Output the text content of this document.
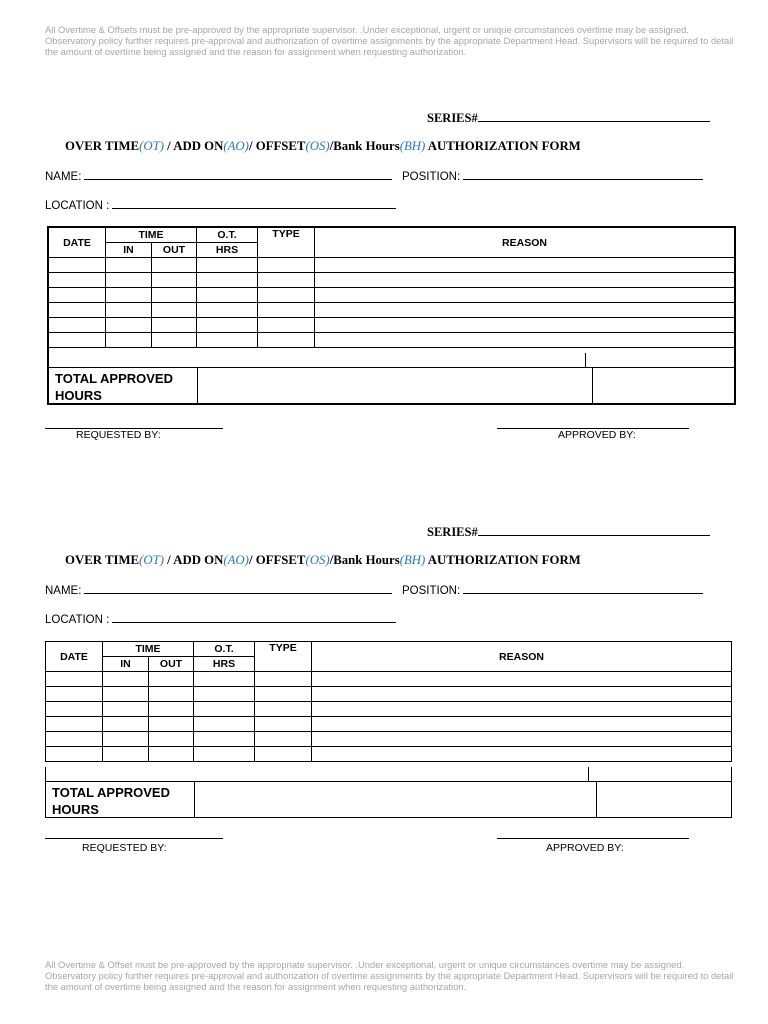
All Overtime & Offsets must be pre-approved by the appropriate supervisor. .Under exceptional, urgent or unique circumstances overtime may be assigned. Observatory policy further requires pre-approval and authorization of overtime assignments by the appropriate Department Head. Supervisors will be required to detail the amount of overtime being assigned and the reason for assignment when requesting authorization.
SERIES#
OVER TIME(OT) / ADD ON(AO)/ OFFSET(OS)/Bank Hours(BH) AUTHORIZATION FORM
NAME:	POSITION:
LOCATION :
DATE	TIME		O.T.	TYPE	REASON
	IN	OUT	HRS		

TOTAL APPROVED
HOURS
REQUESTED BY:	APPROVED BY:
SERIES#
OVER TIME(OT) / ADD ON(AO)/ OFFSET(OS)/Bank Hours(BH) AUTHORIZATION FORM
NAME:	POSITION:
LOCATION :
DATE	TIME		O.T.	TYPE	REASON
	IN	OUT	HRS		

TOTAL APPROVED
HOURS
REQUESTED BY:	APPROVED BY:
All Overtime & Offset must be pre-approved by the appropriate supervisor. .Under exceptional, urgent or unique circumstances overtime may be assigned. Observatory policy further requires pre-approval and authorization of overtime assignments by the appropriate Department Head. Supervisors will be required to detail the amount of overtime being assigned and the reason for assignment when requesting authorization.
